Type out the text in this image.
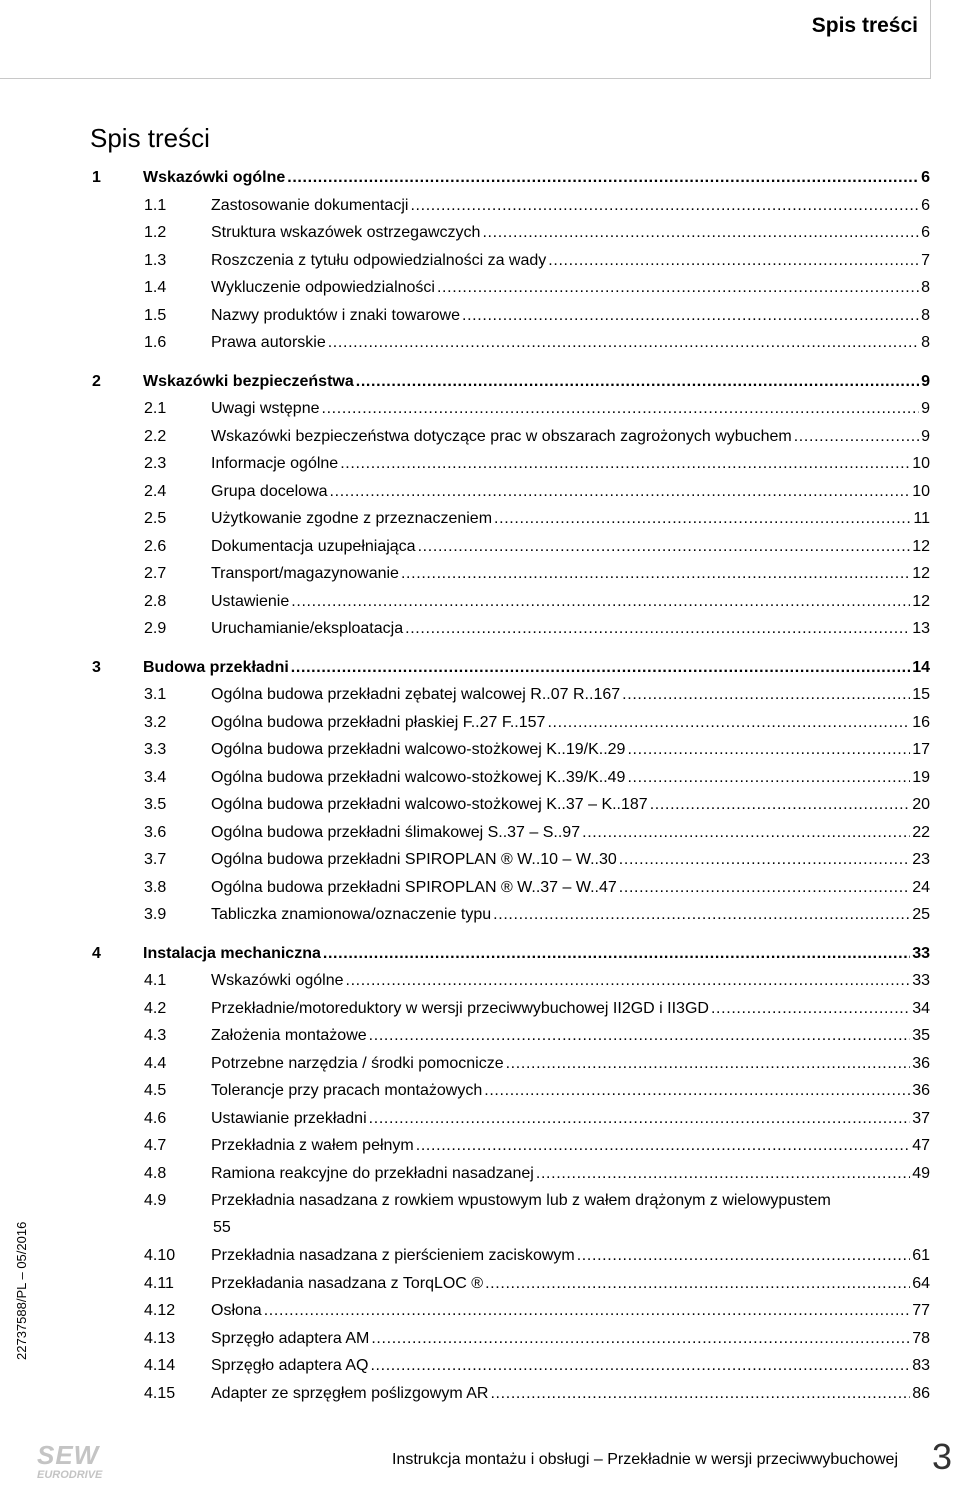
Spis treści
Spis treści
22737588/PL – 05/2016
1	Wskazówki ogólne . . .	6
1.1	Zastosowanie dokumentacji . . .	6
1.2	Struktura wskazówek ostrzegawczych . . .	6
1.3	Roszczenia z tytułu odpowiedzialności za wady . . .	7
1.4	Wykluczenie odpowiedzialności . . .	8
1.5	Nazwy produktów i znaki towarowe . . .	8
1.6	Prawa autorskie . . .	8
2	Wskazówki bezpieczeństwa . . .	9
2.1	Uwagi wstępne . . .	9
2.2	Wskazówki bezpieczeństwa dotyczące prac w obszarach zagrożonych wybuchem . . .	9
2.3	Informacje ogólne . . .	10
2.4	Grupa docelowa . . .	10
2.5	Użytkowanie zgodne z przeznaczeniem . . .	11
2.6	Dokumentacja uzupełniająca . . .	12
2.7	Transport/magazynowanie . . .	12
2.8	Ustawienie . . .	12
2.9	Uruchamianie/eksploatacja . . .	13
3	Budowa przekładni . . .	14
3.1	Ogólna budowa przekładni zębatej walcowej R..07 R..167 . . .	15
3.2	Ogólna budowa przekładni płaskiej F..27 F..157 . . .	16
3.3	Ogólna budowa przekładni walcowo-stożkowej K..19/K..29 . . .	17
3.4	Ogólna budowa przekładni walcowo-stożkowej K..39/K..49 . . .	19
3.5	Ogólna budowa przekładni walcowo-stożkowej K..37 – K..187 . . .	20
3.6	Ogólna budowa przekładni ślimakowej S..37 – S..97 . . .	22
3.7	Ogólna budowa przekładni SPIROPLAN ® W..10 – W..30 . . .	23
3.8	Ogólna budowa przekładni SPIROPLAN ® W..37 – W..47 . . .	24
3.9	Tabliczka znamionowa/oznaczenie typu . . .	25
4	Instalacja mechaniczna . . .	33
4.1	Wskazówki ogólne . . .	33
4.2	Przekładnie/motoreduktory w wersji przeciwwybuchowej II2GD i II3GD . . .	34
4.3	Założenia montażowe . . .	35
4.4	Potrzebne narzędzia / środki pomocnicze . . .	36
4.5	Tolerancje przy pracach montażowych . . .	36
4.6	Ustawianie przekładni . . .	37
4.7	Przekładnia z wałem pełnym . . .	47
4.8	Ramiona reakcyjne do przekładni nasadzanej . . .	49
4.9	Przekładnia nasadzana z rowkiem wpustowym lub z wałem drążonym z wielowypustem
55
4.10 Przekładnia nasadzana z pierścieniem zaciskowym . . .	61
4.11 Przekładania nasadzana z TorqLOC ® . . .	64
4.12 Osłona . . .	77
4.13 Sprzęgło adaptera AM . . .	78
4.14 Sprzęgło adaptera AQ . . .	83
4.15 Adapter ze sprzęgłem poślizgowym AR . . .	86
SEW
EURODRIVE
Instrukcja montażu i obsługi – Przekładnie w wersji przeciwwybuchowej 3
